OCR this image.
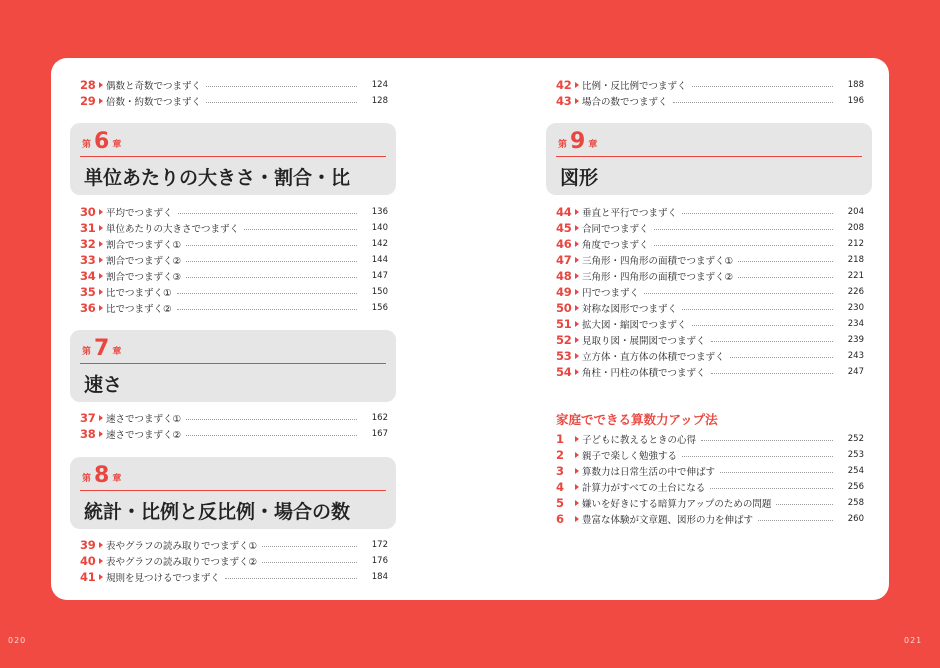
28 偶数と奇数でつまずく	124
29 倍数・約数でつまずく	128
第 6 章
単位あたりの大きさ・割合・比
30 平均でつまずく	136
31 単位あたりの大きさでつまずく	140
32 割合でつまずく①	142
33 割合でつまずく②	144
34 割合でつまずく③	147
35 比でつまずく①	150
36 比でつまずく②	156
第 7 章
速さ
37 速さでつまずく①	162
38 速さでつまずく②	167
第 8 章
統計・比例と反比例・場合の数
39 表やグラフの読み取りでつまずく①	172
40 表やグラフの読み取りでつまずく②	176
41 規則を見つけるでつまずく	184
42 比例・反比例でつまずく	188
43 場合の数でつまずく	196
第 9 章
図形
44 垂直と平行でつまずく	204
45 合同でつまずく	208
46 角度でつまずく	212
47 三角形・四角形の面積でつまずく①	218
48 三角形・四角形の面積でつまずく②	221
49 円でつまずく	226
50 対称な図形でつまずく	230
51 拡大図・縮図でつまずく	234
52 見取り図・展開図でつまずく	239
53 立方体・直方体の体積でつまずく	243
54 角柱・円柱の体積でつまずく	247
家庭でできる算数力アップ法
1	子どもに教えるときの心得	252
2	親子で楽しく勉強する	253
3	算数力は日常生活の中で伸ばす	254
4	計算力がすべての土台になる	256
5	嫌いを好きにする暗算力アップのための問題	258
6	豊富な体験が文章題、図形の力を伸ばす	260
020	021
